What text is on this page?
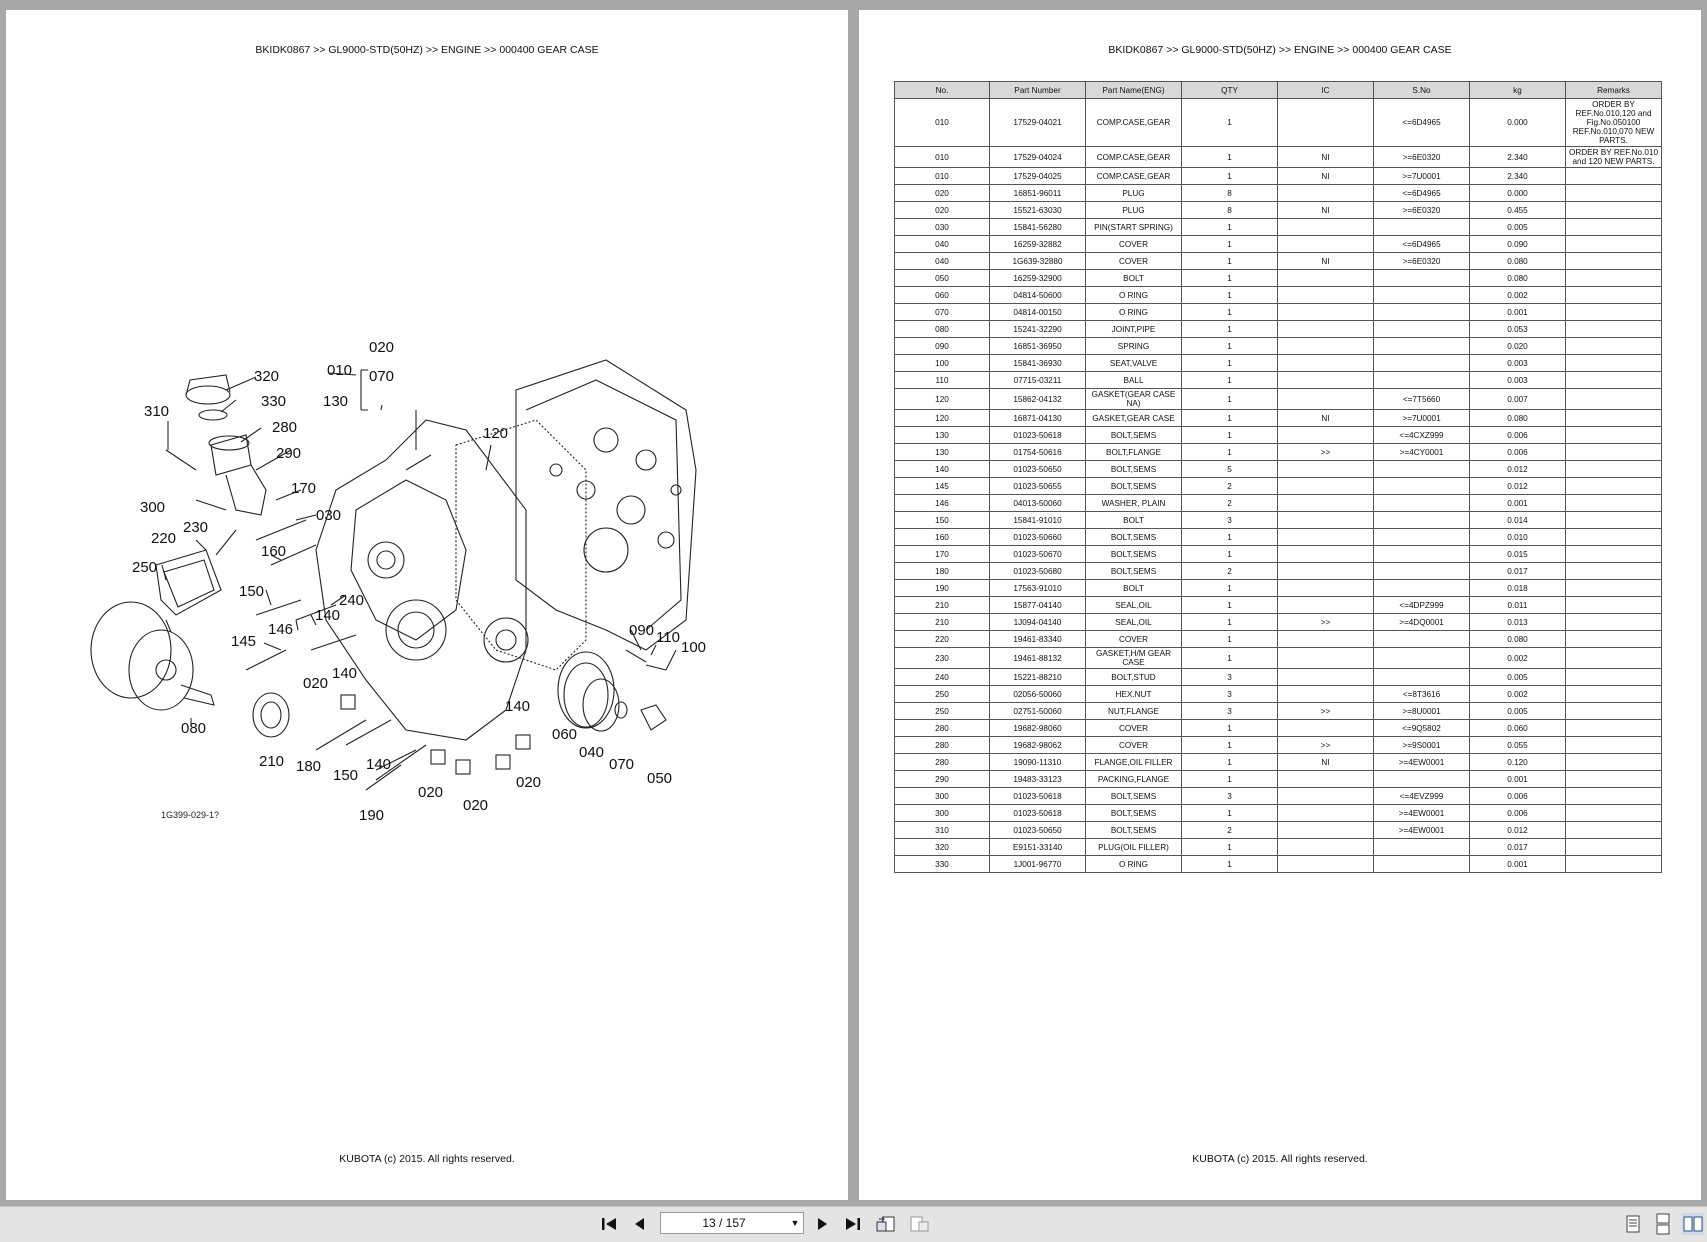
BKIDK0867 >> GL9000-STD(50HZ) >> ENGINE >> 000400 GEAR CASE
020
070
010
320
330
310
130
280
290
120
170
030
300
220
230
160
250
240
150
140
146
145
090 110
100
020
140
140
080	060
040
070
050
210 180
150
140
020
020
190
020
1G399-029-1?
KUBOTA (c) 2015. All rights reserved.
BKIDK0867 >> GL9000-STD(50HZ) >> ENGINE >> 000400 GEAR CASE
No.	Part Number	Part Name(ENG)	QTY	IC	S.No	kg	Remarks
010	17529-04021	COMP.CASE,GEAR	1		<=6D4965	0.000	ORDER BY REF.No.010,120 and Fig.No.050100 REF.No.010,070 NEW PARTS.
010	17529-04024	COMP.CASE,GEAR	1	NI	>=6E0320	2.340	ORDER BY REF.No.010 and 120 NEW PARTS.
010	17529-04025	COMP.CASE,GEAR	1	NI	>=7U0001	2.340	
020	16851-96011	PLUG	8		<=6D4965	0.000	
020	15521-63030	PLUG	8	NI	>=6E0320	0.455	
030	15841-56280	PIN(START SPRING)	1			0.005	
040	16259-32882	COVER	1		<=6D4965	0.090	
040	1G639-32880	COVER	1	NI	>=6E0320	0.080	
050	16259-32900	BOLT	1			0.080	
060	04814-50600	O RING	1			0.002	
070	04814-00150	O RING	1			0.001	
080	15241-32290	JOINT,PIPE	1			0.053	
090	16851-36950	SPRING	1			0.020	
100	15841-36930	SEAT,VALVE	1			0.003	
110	07715-03211	BALL	1			0.003	
120	15862-04132	GASKET(GEAR CASE NA)	1		<=7T5660	0.007	
120	16871-04130	GASKET,GEAR CASE	1	NI	>=7U0001	0.080	
130	01023-50618	BOLT,SEMS	1		<=4CXZ999	0.006	
130	01754-50616	BOLT,FLANGE	1	>>	>=4CY0001	0.006	
140	01023-50650	BOLT,SEMS	5			0.012	
145	01023-50655	BOLT,SEMS	2			0.012	
146	04013-50060	WASHER, PLAIN	2			0.001	
150	15841-91010	BOLT	3			0.014	
160	01023-50660	BOLT,SEMS	1			0.010	
170	01023-50670	BOLT,SEMS	1			0.015	
180	01023-50680	BOLT,SEMS	2			0.017	
190	17563-91010	BOLT	1			0.018	
210	15877-04140	SEAL,OIL	1		<=4DPZ999	0.011	
210	1J094-04140	SEAL,OIL	1	>>	>=4DQ0001	0.013	
220	19461-83340	COVER	1			0.080	
230	19461-88132	GASKET,H/M GEAR CASE	1			0.002	
240	15221-88210	BOLT,STUD	3			0.005	
250	02056-50060	HEX.NUT	3		<=8T3616	0.002	
250	02751-50060	NUT,FLANGE	3	>>	>=8U0001	0.005	
280	19682-98060	COVER	1		<=9Q5802	0.060	
280	19682-98062	COVER	1	>>	>=9S0001	0.055	
280	19090-11310	FLANGE,OIL FILLER	1	NI	>=4EW0001	0.120	
290	19483-33123	PACKING,FLANGE	1			0.001	
300	01023-50618	BOLT,SEMS	3		<=4EVZ999	0.006	
300	01023-50618	BOLT,SEMS	1		>=4EW0001	0.006	
310	01023-50650	BOLT,SEMS	2		>=4EW0001	0.012	
320	E9151-33140	PLUG(OIL FILLER)	1			0.017	
330	1J001-96770	O RING	1			0.001	
KUBOTA (c) 2015. All rights reserved.
13 / 157	▼
